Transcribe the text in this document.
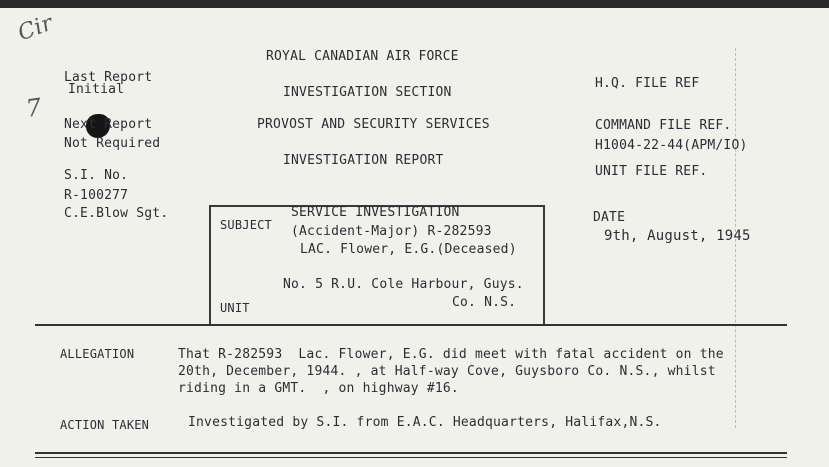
Cir
7
ROYAL CANADIAN AIR FORCE
INVESTIGATION SECTION
PROVOST AND SECURITY SERVICES
INVESTIGATION REPORT
Last Report
Initial
Next Report
Not Required
S.I. No.
R-100277
C.E.Blow Sgt.
H.Q. FILE REF
COMMAND FILE REF.
H1004-22-44(APM/IO)
UNIT FILE REF.
DATE
9th, August, 1945
SUBJECT
SERVICE INVESTIGATION
(Accident-Major) R-282593
LAC. Flower, E.G.(Deceased)
No. 5 R.U. Cole Harbour, Guys.
Co. N.S.
UNIT
ALLEGATION	That R-282593  Lac. Flower, E.G. did meet with fatal accident on the
20th, December, 1944. , at Half-way Cove, Guysboro Co. N.S., whilst
riding in a GMT.  , on highway #16.
ACTION TAKEN	Investigated by S.I. from E.A.C. Headquarters, Halifax,N.S.
